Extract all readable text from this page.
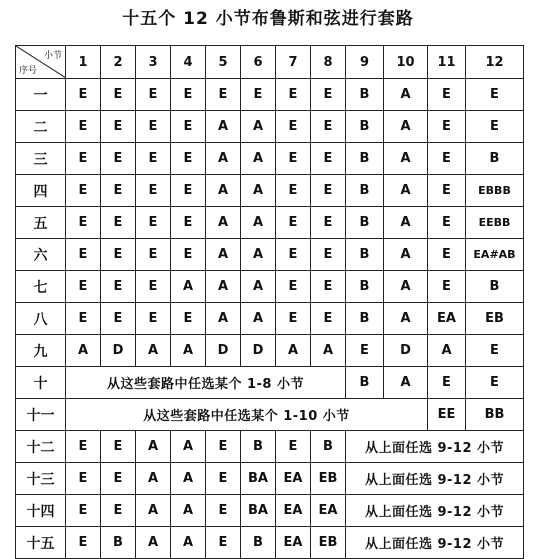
十五个 12 小节布鲁斯和弦进行套路
小节
序号	1	2	3	4	5	6	7	8	9	10	11	12
一	E	E	E	E	E	E	E	E	B	A	E	E
二	E	E	E	E	A	A	E	E	B	A	E	E
三	E	E	E	E	A	A	E	E	B	A	E	B
四	E	E	E	E	A	A	E	E	B	A	E	EBBB
五	E	E	E	E	A	A	E	E	B	A	E	EEBB
六	E	E	E	E	A	A	E	E	B	A	E	EA#AB
七	E	E	E	A	A	A	E	E	B	A	E	B
八	E	E	E	E	A	A	E	E	B	A	EA	EB
九	A	D	A	A	D	D	A	A	E	D	A	E
十	从这些套路中任选某个 1-8 小节								B	A	E	E
十一	从这些套路中任选某个 1-10 小节										EE	BB
十二	E	E	A	A	E	B	E	B	从上面任选 9-12 小节			
十三	E	E	A	A	E	BA	EA	EB	从上面任选 9-12 小节			
十四	E	E	A	A	E	BA	EA	EA	从上面任选 9-12 小节			
十五	E	B	A	A	E	B	EA	EB	从上面任选 9-12 小节			
